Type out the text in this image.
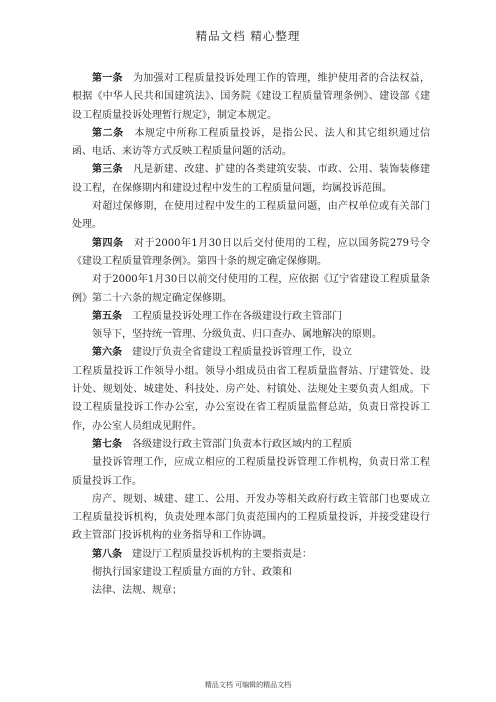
精品文档 精心整理

第一条　为加强对工程质量投诉处理工作的管理，维护使用者的合法权益，根据《中华人民共和国建筑法》、国务院《建设工程质量管理条例》、建设部《建设工程质量投诉处理暂行规定》，制定本规定。

第二条　本规定中所称工程质量投诉，是指公民、法人和其它组织通过信函、电话、来访等方式反映工程质量问题的活动。

第三条　凡是新建、改建、扩建的各类建筑安装、市政、公用、装饰装修建设工程，在保修期内和建设过程中发生的工程质量问题，均属投诉范围。

对超过保修期，在使用过程中发生的工程质量问题，由产权单位或有关部门处理。

第四条　对于2000年1月30日以后交付使用的工程，应以国务院279号令《建设工程质量管理条例》。第四十条的规定确定保修期。

对于2000年1月30日以前交付使用的工程，应依据《辽宁省建设工程质量条例》第二十六条的规定确定保修期。

第五条　工程质量投诉处理工作在各级建设行政主管部门

领导下，坚持统一管理、分级负责、归口查办、属地解决的原则。

第六条　建设厅负责全省建设工程质量投诉管理工作，设立

工程质量投诉工作领导小组。领导小组成员由省工程质量监督站、厅建管处、设计处、规划处、城建处、科技处、房产处、村镇处、法规处主要负责人组成。下设工程质量投诉工作办公室，办公室设在省工程质量监督总站，负责日常投诉工作，办公室人员组成见附件。

第七条　各级建设行政主管部门负责本行政区域内的工程质

量投诉管理工作，应成立相应的工程质量投诉管理工作机构，负责日常工程质量投诉工作。

房产、规划、城建、建工、公用、开发办等相关政府行政主管部门也要成立工程质量投诉机构，负责处理本部门负责范围内的工程质量投诉，并接受建设行政主管部门投诉机构的业务指导和工作协调。

第八条　建设厅工程质量投诉机构的主要指责是：

彻执行国家建设工程质量方面的方针、政策和

法律、法规、规章；

精品文档 可编辑的精品文档
